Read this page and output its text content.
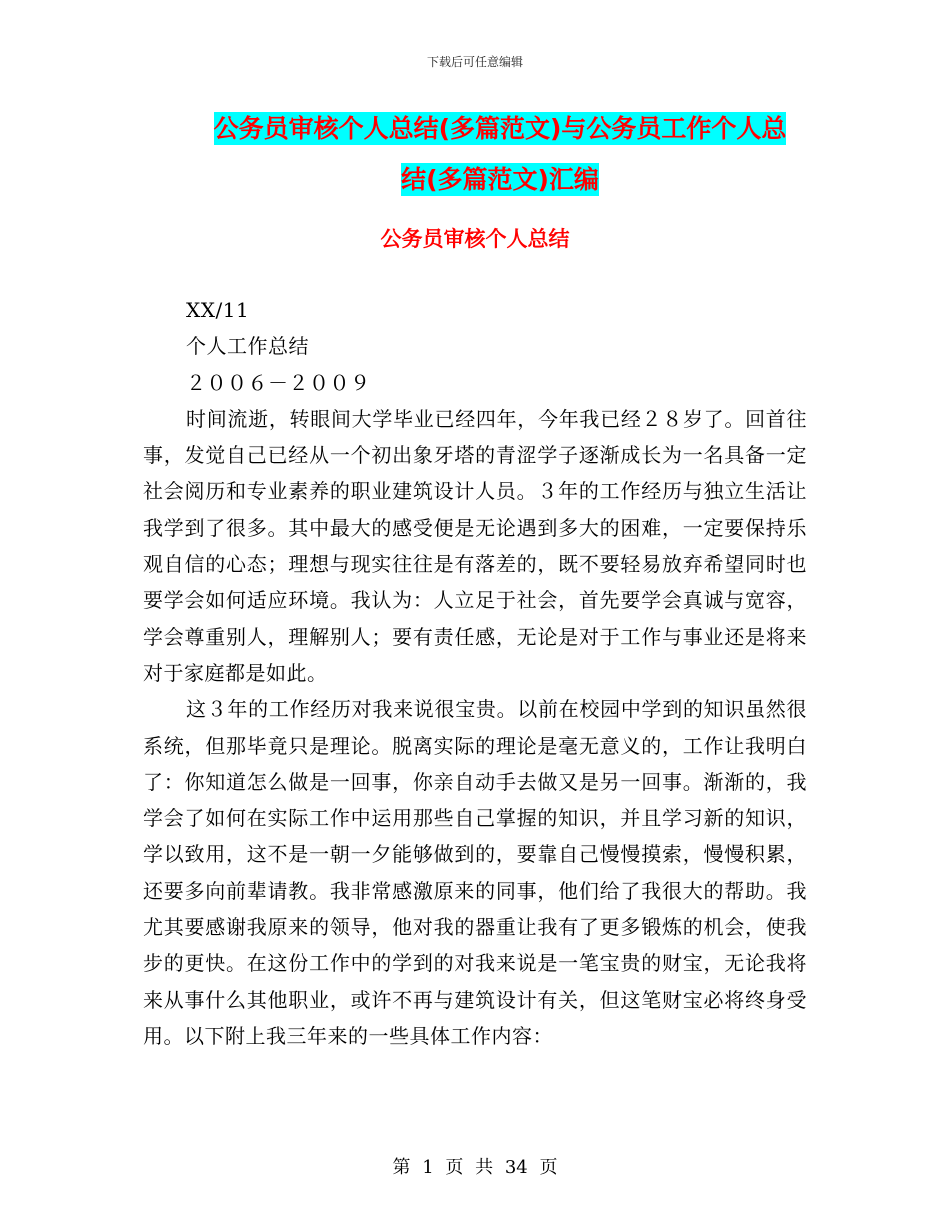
下载后可任意编辑
公务员审核个人总结(多篇范文)与公务员工作个人总
结(多篇范文)汇编
公务员审核个人总结

XX/11

个人工作总结

２００６－２００９

时间流逝，转眼间大学毕业已经四年，今年我已经２８岁了。回首往事，发觉自己已经从一个初出象牙塔的青涩学子逐渐成长为一名具备一定社会阅历和专业素养的职业建筑设计人员。３年的工作经历与独立生活让我学到了很多。其中最大的感受便是无论遇到多大的困难，一定要保持乐观自信的心态；理想与现实往往是有落差的，既不要轻易放弃希望同时也要学会如何适应环境。我认为：人立足于社会，首先要学会真诚与宽容，学会尊重别人，理解别人；要有责任感，无论是对于工作与事业还是将来对于家庭都是如此。

这３年的工作经历对我来说很宝贵。以前在校园中学到的知识虽然很系统，但那毕竟只是理论。脱离实际的理论是毫无意义的，工作让我明白了：你知道怎么做是一回事，你亲自动手去做又是另一回事。渐渐的，我学会了如何在实际工作中运用那些自己掌握的知识，并且学习新的知识，学以致用，这不是一朝一夕能够做到的，要靠自己慢慢摸索，慢慢积累，还要多向前辈请教。我非常感激原来的同事，他们给了我很大的帮助。我尤其要感谢我原来的领导，他对我的器重让我有了更多锻炼的机会，使我步的更快。在这份工作中的学到的对我来说是一笔宝贵的财宝，无论我将来从事什么其他职业，或许不再与建筑设计有关，但这笔财宝必将终身受用。以下附上我三年来的一些具体工作内容：

第 1 页 共 34 页
